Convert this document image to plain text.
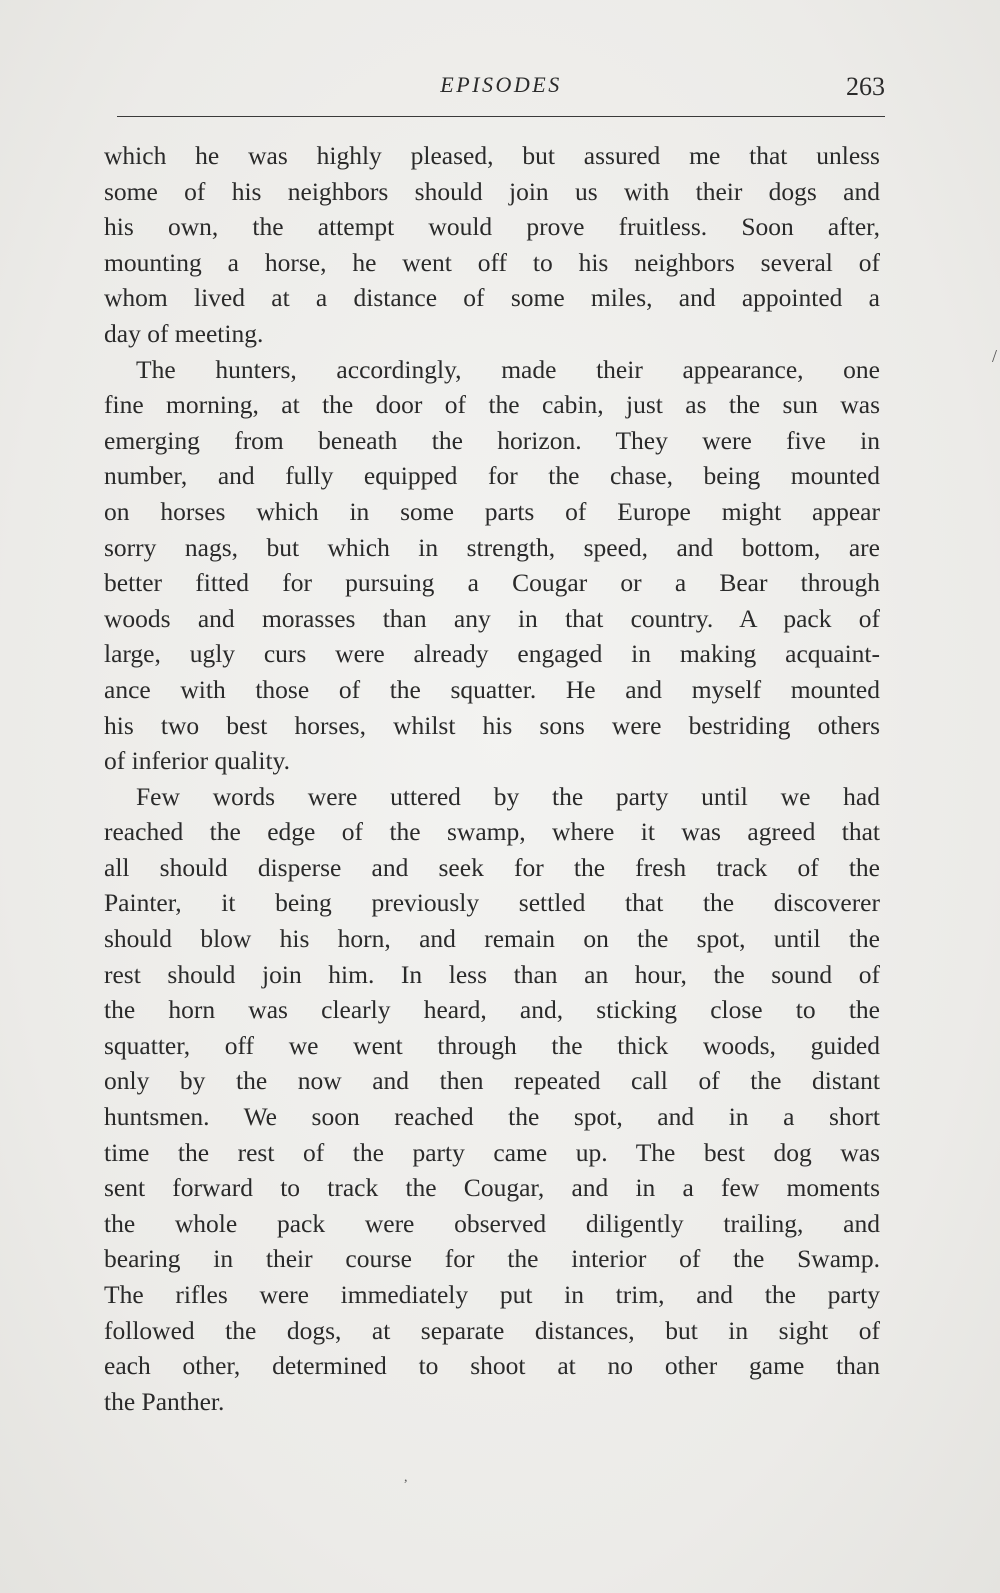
EPISODES	263
which he was highly pleased, but assured me that unless
some of his neighbors should join us with their dogs and
his own, the attempt would prove fruitless. Soon after,
mounting a horse, he went off to his neighbors several of
whom lived at a distance of some miles, and appointed a
day of meeting.
The hunters, accordingly, made their appearance, one
fine morning, at the door of the cabin, just as the sun was
emerging from beneath the horizon. They were five in
number, and fully equipped for the chase, being mounted
on horses which in some parts of Europe might appear
sorry nags, but which in strength, speed, and bottom, are
better fitted for pursuing a Cougar or a Bear through
woods and morasses than any in that country. A pack of
large, ugly curs were already engaged in making acquaint-
ance with those of the squatter. He and myself mounted
his two best horses, whilst his sons were bestriding others
of inferior quality.
Few words were uttered by the party until we had
reached the edge of the swamp, where it was agreed that
all should disperse and seek for the fresh track of the
Painter, it being previously settled that the discoverer
should blow his horn, and remain on the spot, until the
rest should join him. In less than an hour, the sound of
the horn was clearly heard, and, sticking close to the
squatter, off we went through the thick woods, guided
only by the now and then repeated call of the distant
huntsmen. We soon reached the spot, and in a short
time the rest of the party came up. The best dog was
sent forward to track the Cougar, and in a few moments
the whole pack were observed diligently trailing, and
bearing in their course for the interior of the Swamp.
The rifles were immediately put in trim, and the party
followed the dogs, at separate distances, but in sight of
each other, determined to shoot at no other game than
the Panther.
/
,
